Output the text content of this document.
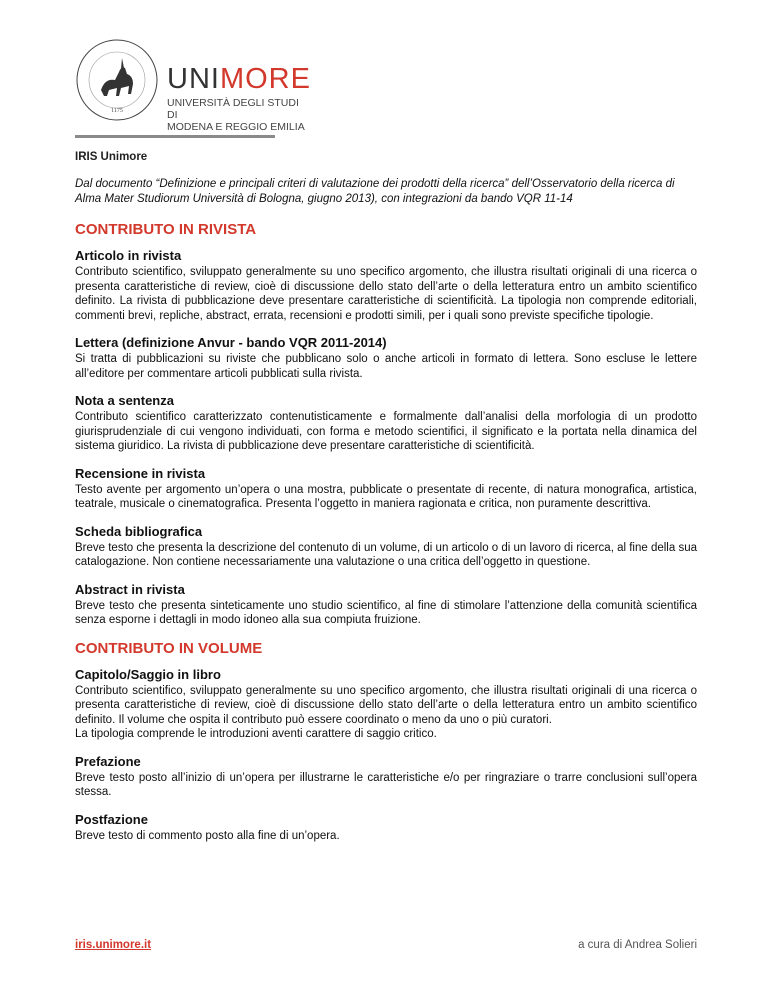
1175
UNIMORE
UNIVERSITÀ DEGLI STUDI DI
MODENA E REGGIO EMILIA

IRIS Unimore

Dal documento “Definizione e principali criteri di valutazione dei prodotti della ricerca” dell’Osservatorio della ricerca di Alma Mater Studiorum Università di Bologna, giugno 2013), con integrazioni da bando VQR 11-14

CONTRIBUTO IN RIVISTA
Articolo in rivista

Contributo scientifico, sviluppato generalmente su uno specifico argomento, che illustra risultati originali di una ricerca o presenta caratteristiche di review, cioè di discussione dello stato dell’arte o della letteratura entro un ambito scientifico definito. La rivista di pubblicazione deve presentare caratteristiche di scientificità. La tipologia non comprende editoriali, commenti brevi, repliche, abstract, errata, recensioni e prodotti simili, per i quali sono previste specifiche tipologie.

Lettera (definizione Anvur - bando VQR 2011-2014)

Si tratta di pubblicazioni su riviste che pubblicano solo o anche articoli in formato di lettera. Sono escluse le lettere all’editore per commentare articoli pubblicati sulla rivista.

Nota a sentenza

Contributo scientifico caratterizzato contenutisticamente e formalmente dall’analisi della morfologia di un prodotto giurisprudenziale di cui vengono individuati, con forma e metodo scientifici, il significato e la portata nella dinamica del sistema giuridico. La rivista di pubblicazione deve presentare caratteristiche di scientificità.

Recensione in rivista

Testo avente per argomento un’opera o una mostra, pubblicate o presentate di recente, di natura monografica, artistica, teatrale, musicale o cinematografica. Presenta l’oggetto in maniera ragionata e critica, non puramente descrittiva.

Scheda bibliografica

Breve testo che presenta la descrizione del contenuto di un volume, di un articolo o di un lavoro di ricerca, al fine della sua catalogazione. Non contiene necessariamente una valutazione o una critica dell’oggetto in questione.

Abstract in rivista

Breve testo che presenta sinteticamente uno studio scientifico, al fine di stimolare l’attenzione della comunità scientifica senza esporne i dettagli in modo idoneo alla sua compiuta fruizione.

CONTRIBUTO IN VOLUME
Capitolo/Saggio in libro

Contributo scientifico, sviluppato generalmente su uno specifico argomento, che illustra risultati originali di una ricerca o presenta caratteristiche di review, cioè di discussione dello stato dell’arte o della letteratura entro un ambito scientifico definito. Il volume che ospita il contributo può essere coordinato o meno da uno o più curatori.
La tipologia comprende le introduzioni aventi carattere di saggio critico.

Prefazione

Breve testo posto all’inizio di un’opera per illustrarne le caratteristiche e/o per ringraziare o trarre conclusioni sull’opera stessa.

Postfazione

Breve testo di commento posto alla fine di un’opera.

iris.unimore.it	a cura di Andrea Solieri
